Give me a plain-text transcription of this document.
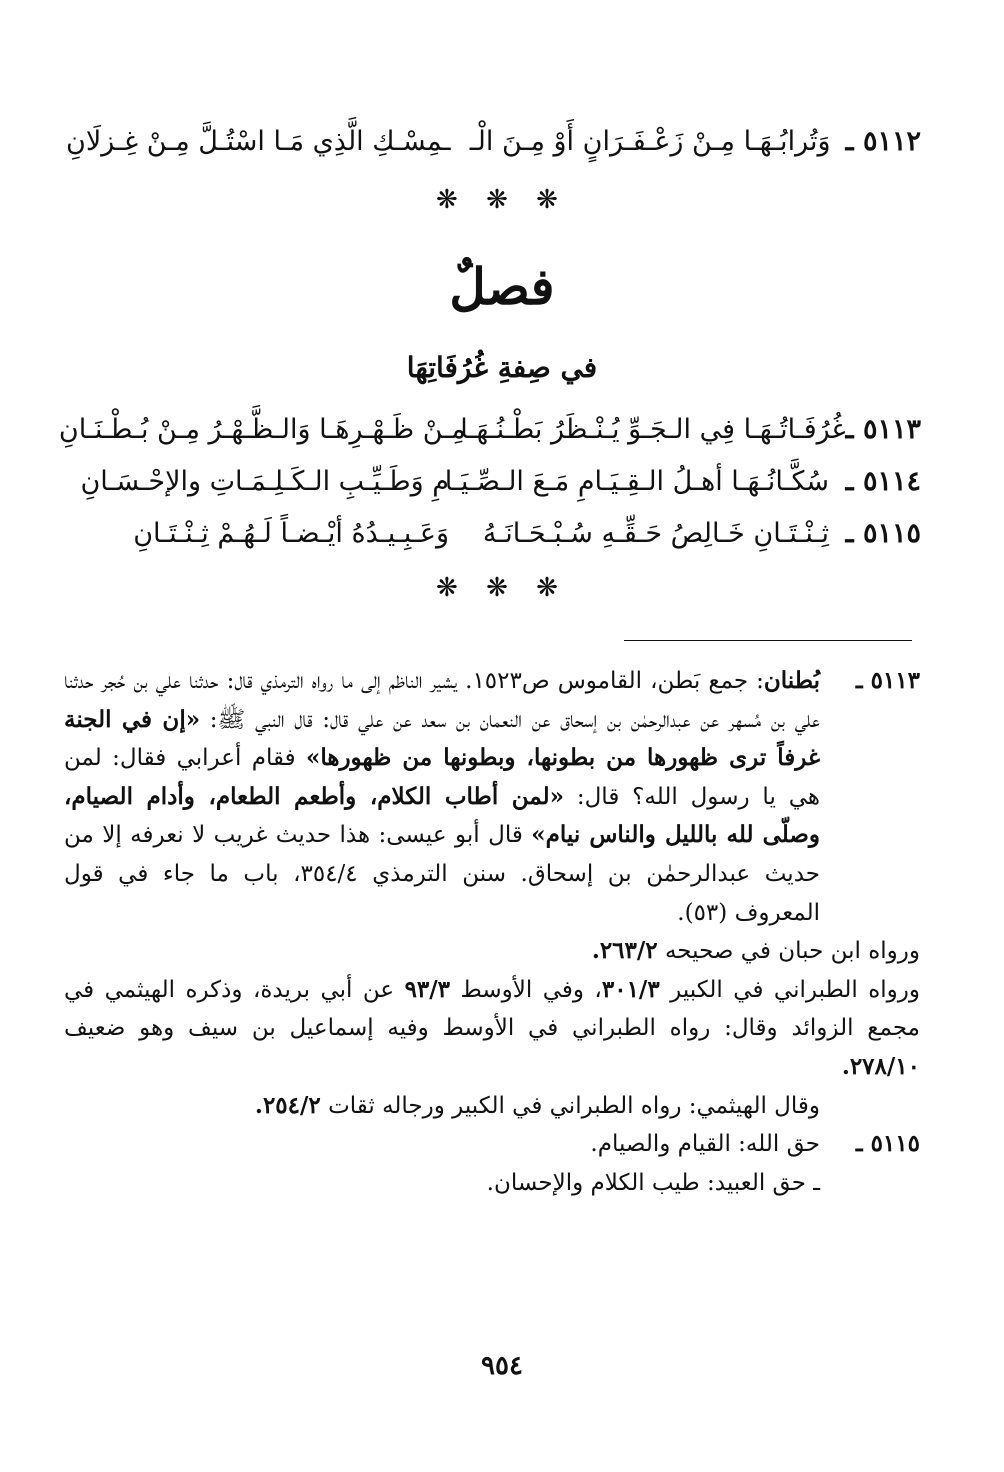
٥١١٢ ـ
وَتُرابُـهَـا مِـنْ زَعْـفَـرَانٍ أَوْ مِـنَ الْـ
ـمِسْـكِ الَّذِي مَـا اسْتُـلَّ مِـنْ غِـزلَانِ
❋ ❋ ❋
فصلٌ
في صِفةِ غُرُفَاتِهَا
٥١١٣ ـ
غُرُفَـاتُـهَـا فِي الـجَـوِّ يُـنْـظَرُ بَطْـنُـهَـا
مِـنْ ظَـهْـرِهَـا وَالـظَّـهْـرُ مِـنْ بُـطْـنَـانِ
٥١١٤ ـ
سُكَّـانُـهَـا أهـلُ الـقِـيَـامِ مَـعَ الـصِّـيَـا
مِ وَطَـيِّـبِ الـكَـلِـمَـاتِ والإحْـسَـانِ
٥١١٥ ـ
ثِـنْـتَـانِ خَـالِصُ حَـقِّـهِ سُـبْـحَـانَـهُ
وَعَـبِـيـدُهُ أيْـضـاً لَـهُـمْ ثِـنْـتَـانِ
❋ ❋ ❋
٥١١٣ ـ

بُطنان: جمع بَطن، القاموس ص١٥٢٣. يشير الناظم إلى ما رواه الترمذي قال: حدثنا علي بن حُجر حدثنا علي بن مُسهر عن عبدالرحمٰن بن إسحاق عن النعمان بن سعد عن علي قال: قال النبي ﷺ: «إن في الجنة غرفاً ترى ظهورها من بطونها، وبطونها من ظهورها» فقام أعرابي فقال: لمن هي يا رسول الله؟ قال: «لمن أطاب الكلام، وأطعم الطعام، وأدام الصيام، وصلّى لله بالليل والناس نيام» قال أبو عيسى: هذا حديث غريب لا نعرفه إلا من حديث عبدالرحمٰن بن إسحاق. سنن الترمذي ٣٥٤/٤، باب ما جاء في قول المعروف (٥٣).

ورواه ابن حبان في صحيحه ٢٦٣/٢.

ورواه الطبراني في الكبير ٣٠١/٣، وفي الأوسط ٩٣/٣ عن أبي بريدة، وذكره الهيثمي في مجمع الزوائد وقال: رواه الطبراني في الأوسط وفيه إسماعيل بن سيف وهو ضعيف ٢٧٨/١٠.

وقال الهيثمي: رواه الطبراني في الكبير ورجاله ثقات ٢٥٤/٢.

٥١١٥ ـ

حق الله: القيام والصيام.

ـ حق العبيد: طيب الكلام والإحسان.

٩٥٤
